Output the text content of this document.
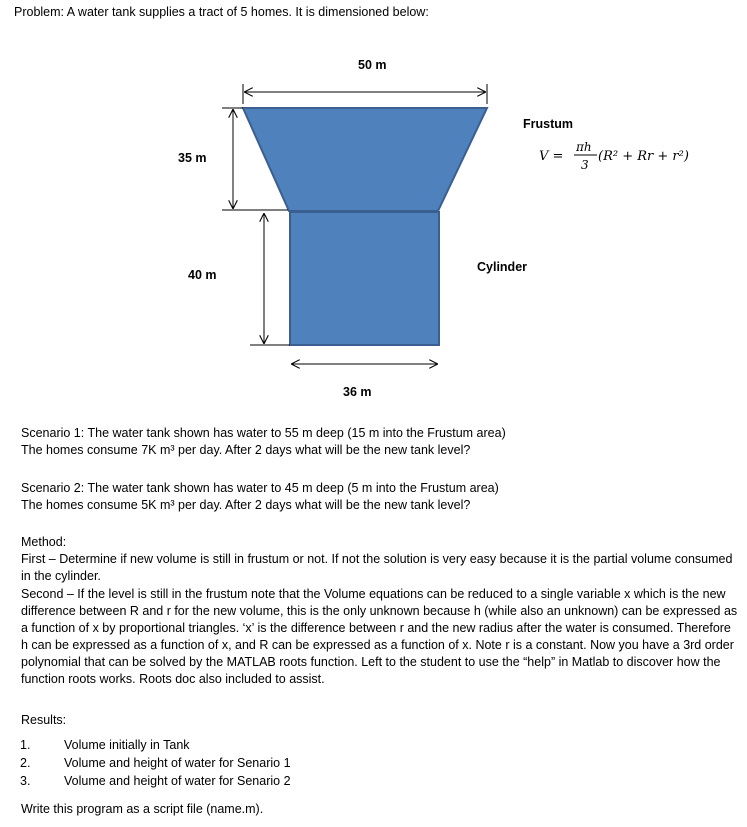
Problem: A water tank supplies a tract of 5 homes. It is dimensioned below:
50 m
35 m
40 m
36 m
Frustum
Cylinder
V =
πh
3
(R² + Rr + r²)
Scenario 1: The water tank shown has water to 55 m deep (15 m into the Frustum area)
The homes consume 7K m³ per day. After 2 days what will be the new tank level?
Scenario 2: The water tank shown has water to 45 m deep (5 m into the Frustum area)
The homes consume 5K m³ per day. After 2 days what will be the new tank level?
Method:
First – Determine if new volume is still in frustum or not. If not the solution is very easy because it is the partial volume consumed in the cylinder.
Second – If the level is still in the frustum note that the Volume equations can be reduced to a single variable x which is the new difference between R and r for the new volume, this is the only unknown because h (while also an unknown) can be expressed as a function of x by proportional triangles. ‘x’ is the difference between r and the new radius after the water is consumed. Therefore h can be expressed as a function of x, and R can be expressed as a function of x. Note r is a constant. Now you have a 3rd order polynomial that can be solved by the MATLAB roots function. Left to the student to use the “help” in Matlab to discover how the function roots works. Roots doc also included to assist.
Results:
1.	Volume initially in Tank
2.	Volume and height of water for Senario 1
3.	Volume and height of water for Senario 2
Write this program as a script file (name.m).
